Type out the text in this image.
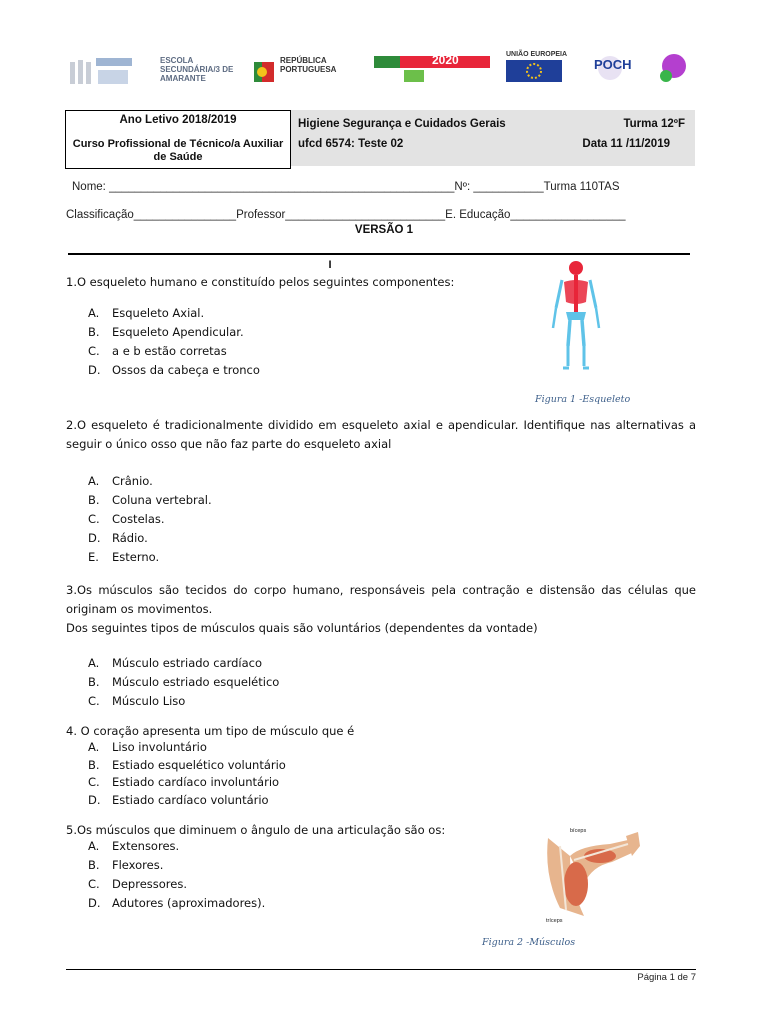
ESCOLA SECUNDÁRIA/3 DE AMARANTE
REPÚBLICA PORTUGUESA
2020	UNIÃO EUROPEIA
POCH
Ano Letivo 2018/2019
Curso Profissional de Técnico/a Auxiliar de Saúde
Higiene Segurança e Cuidados Gerais	Turma 12ºF
ufcd 6574: Teste 02	Data 11 /11/2019
Nome: ______________________________________________________Nº: ___________Turma 110TAS
Classificação________________Professor_________________________E. Educação__________________
VERSÃO 1
I
1.O esqueleto humano e constituído pelos seguintes componentes:
A. Esqueleto Axial.
B. Esqueleto Apendicular.
C. a e b estão corretas
D. Ossos da cabeça e tronco
Figura 1 -Esqueleto
2.O esqueleto é tradicionalmente dividido em esqueleto axial e apendicular. Identifique nas alternativas a seguir o único osso que não faz parte do esqueleto axial
A. Crânio.
B. Coluna vertebral.
C. Costelas.
D. Rádio.
E. Esterno.
3.Os músculos são tecidos do corpo humano, responsáveis pela contração e distensão das células que originam os movimentos.
Dos seguintes tipos de músculos quais são voluntários (dependentes da vontade)
A. Músculo estriado cardíaco
B. Músculo estriado esquelético
C. Músculo Liso
4. O coração apresenta um tipo de músculo que é
A. Liso involuntário
B. Estiado esquelético voluntário
C. Estiado cardíaco involuntário
D. Estiado cardíaco voluntário
5.Os músculos que diminuem o ângulo de una articulação são os:
A. Extensores.
B. Flexores.
C. Depressores.
D. Adutores (aproximadores).
bíceps
tríceps
Figura 2 -Músculos
Página 1 de 7
